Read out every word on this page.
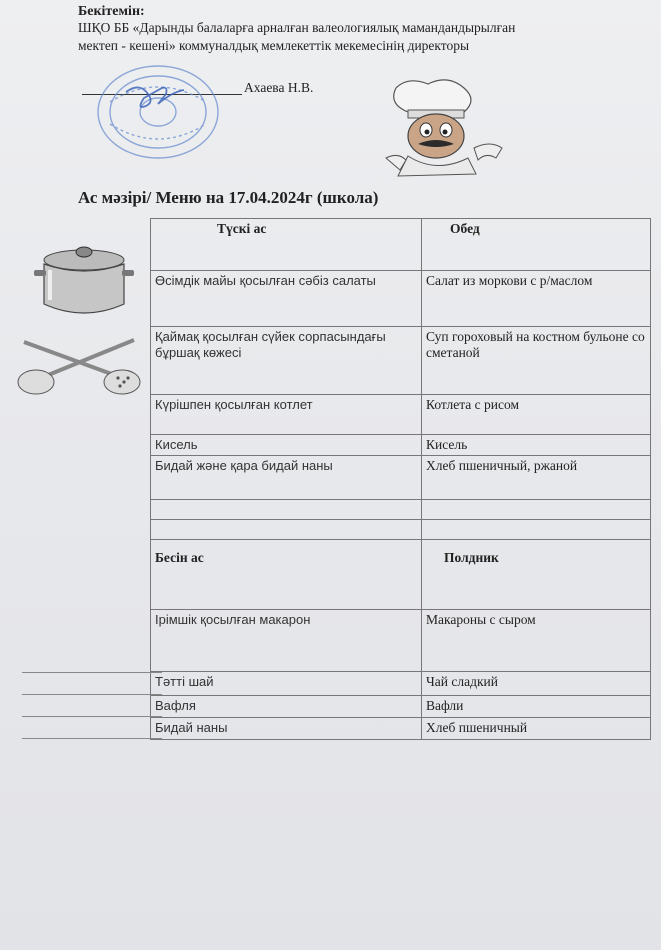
Бекітемін:
ШҚО ББ «Дарынды балаларға арналған валеологиялық мамандандырылған
мектеп - кешені» коммуналдық мемлекеттік мекемесінің директоры
Ахаева Н.В.
Ас мәзірі/ Меню на 17.04.2024г (школа)
Түскі ас	Обед
Өсімдік майы қосылған сәбіз салаты	Салат из моркови с р/маслом
Қаймақ қосылған сүйек сорпасындағы бұршақ көжесі	Суп гороховый на костном бульоне со сметаной
Күрішпен қосылған котлет	Котлета с рисом
Кисель	Кисель
Бидай және қара бидай наны	Хлеб пшеничный, ржаной

Бесін ас	Полдник
Ірімшік қосылған макарон	Макароны с сыром
Тәтті шай	Чай сладкий
Вафля	Вафли
Бидай наны	Хлеб пшеничный
